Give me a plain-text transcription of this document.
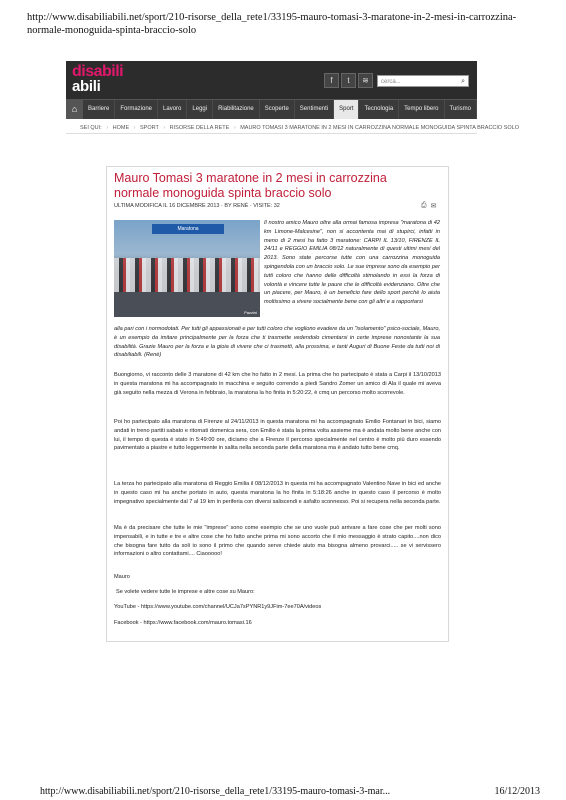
http://www.disabiliabili.net/sport/210-risorse_della_rete1/33195-mauro-tomasi-3-maratone-in-2-mesi-in-carrozzina-normale-monoguida-spinta-braccio-solo
disabili
abili	f	t	≋	cerca...	⌕
⌂	Barriere	Formazione	Lavoro	Leggi	Riabilitazione	Scoperte	Sentimenti	Sport	Tecnologia	Tempo libero	Turismo
SEI QUI: › HOME › SPORT › RISORSE DELLA RETE › MAURO TOMASI 3 MARATONE IN 2 MESI IN CARROZZINA NORMALE MONOGUIDA SPINTA BRACCIO SOLO
Mauro Tomasi 3 maratone in 2 mesi in carrozzina normale monoguida spinta braccio solo
ULTIMA MODIFICA IL 16 DICEMBRE 2013 · BY RENÈ · VISITE: 32	⎙ ✉
Maratona
Pazzini
Il nostro amico Mauro oltre alla ormai famosa impresa "maratona di 42 km Limone-Malcesine", non si accontenta mai di stupirci, infatti in meno di 2 mesi ha fatto 3 maratone: CARPI IL 13/10, FIRENZE IL 24/11 e REGGIO EMILIA 08/12 naturalmente di questi ultimi mesi del 2013. Sono state percorse tutte con una carrozzina monoguida spingendola con un braccio solo. Le sue imprese sono da esempio per tutti coloro che hanno delle difficoltà stimolando in essi la forza di volontà e vincere tutte le paure che le difficoltà evidenziano. Oltre che un piacere, per Mauro, è un beneficio fare dello sport perchè lo aiuta moltissimo a vivere socialmente bene con gli altri e a rapportarsi
alla pari con i normodotati. Per tutti gli appassionati e per tutti coloro che vogliono evadere da un "isolamento" psico-sociale, Mauro, è un esempio da imitare principalmente per la forza che ti trasmette vedendolo cimentarsi in certe imprese nonostante la sua disabilità. Grazie Mauro per la forza e la gioia di vivere che ci trasmetti, alla prossima, e tanti Auguri di Buone Feste da tutti noi di disabiliabili. (Renè)

Buongiorno, vi racconto delle 3 maratone di 42 km che ho fatto in 2 mesi. La prima che ho partecipato è stata a Carpi il 13/10/2013 in questa maratona mi ha accompagnato in macchina e seguito correndo a piedi Sandro Zomer un amico di Ala il quale mi aveva già seguito nella mezza di Verona in febbraio, la maratona la ho finita in 5:20:22, è cmq un percorso molto scorrevole.

Poi ho partecipato alla maratona di Firenze al 24/11/2013 in questa maratona mi ha accompagnato Emilio Fontanari in bici, siamo andati in treno partiti sabato e ritornati domenica sera, con Emilio è stata la prima volta assieme ma è andata molto bene anche con lui, il tempo di questa è stato in 5:49:00 ore, diciamo che a Firenze il percorso specialmente nel centro è molto più duro essendo pavimentato a piastre e tutto leggermente in salita nella seconda parte della maratona ma è andato tutto bene cmq.

La terza ho partecipato alla maratona di Reggio Emilia il 08/12/2013 in questa mi ha accompagnato Valentino Nave in bici ed anche in questo caso mi ha anche portato in auto, questa maratona la ho finita in 5:18:26 anche in questo caso il percorso è molto impegnativo specialmente dal 7 al 19 km in periferia con diversi saliscendi e asfalto sconnesso. Poi si recupera nella seconda parte.

Ma è da precisare che tutte le mie "imprese" sono come esempio che se uno vuole può arrivare a fare cose che per molti sono impensabili, e in tutte e tre e altre cose che ho fatto anche prima mi sono accorto che il mio messaggio è strato capito....non dico che bisogna fare tutto da soli io sono il primo che quando serve chiede aiuto ma bisogna almeno provarci..... se vi servissero informazioni o altro contattami.... Ciaooooo!

Mauro

Se volete vedere tutte le imprese e altre cose su Mauro:

YouTube - https://www.youtube.com/channel/UCJa7sPYNR1y9JFim-7ee70A/videos

Facebook - https://www.facebook.com/mauro.tomasi.16

http://www.disabiliabili.net/sport/210-risorse_della_rete1/33195-mauro-tomasi-3-mar...	16/12/2013
